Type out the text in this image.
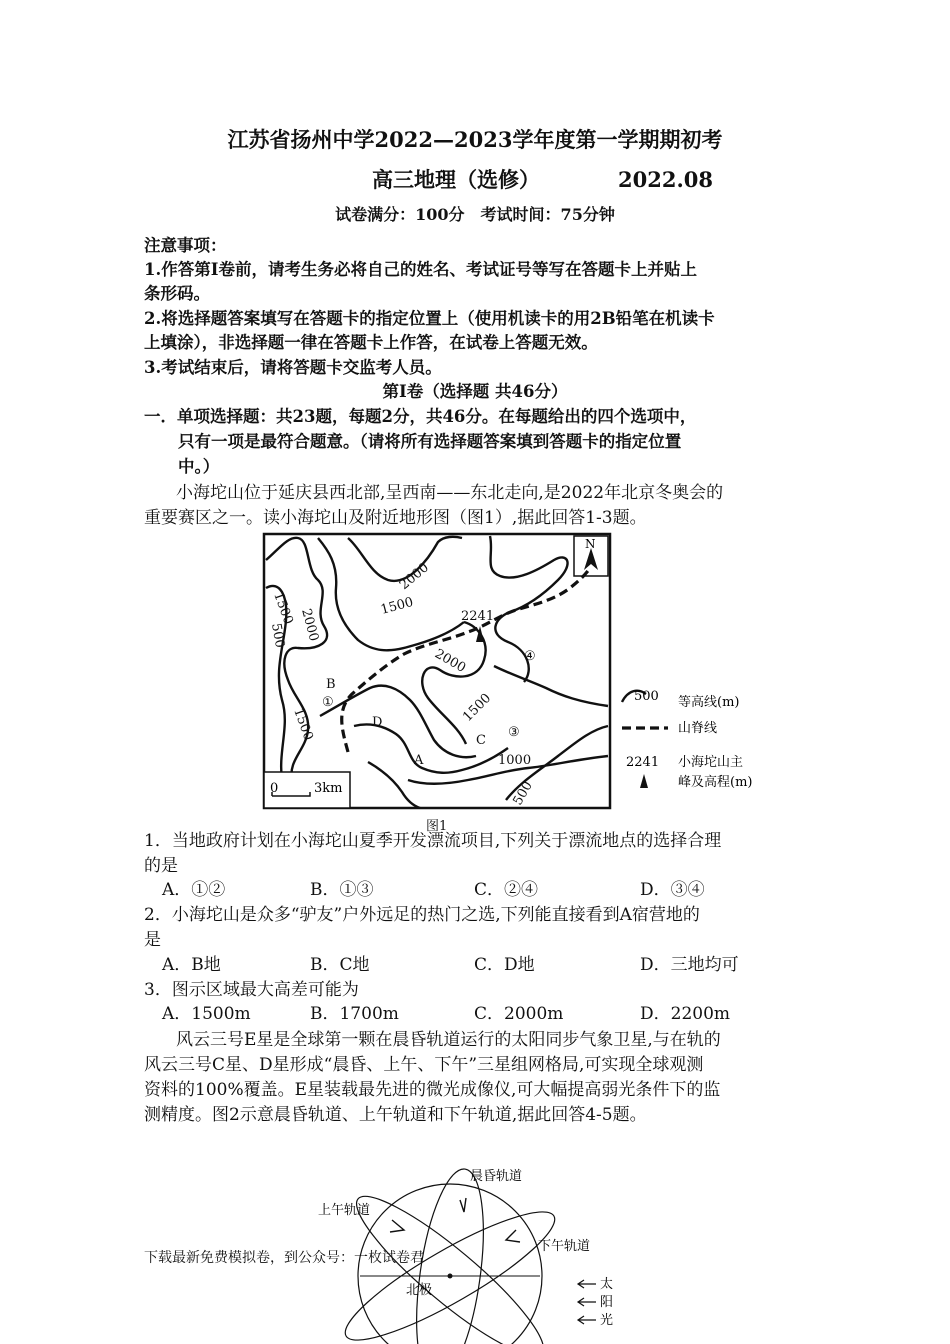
江苏省扬州中学2022—2023学年度第一学期期初考
高三地理（选修）	2022.08
试卷满分：100分　考试时间：75分钟
注意事项：
1.作答第Ⅰ卷前，请考生务必将自己的姓名、考试证号等写在答题卡上并贴上
条形码。
2.将选择题答案填写在答题卡的指定位置上（使用机读卡的用2B铅笔在机读卡
上填涂），非选择题一律在答题卡上作答，在试卷上答题无效。
3.考试结束后，请将答题卡交监考人员。
第Ⅰ卷（选择题 共46分）
一．单项选择题：共23题，每题2分，共46分。在每题给出的四个选项中，
只有一项是最符合题意。（请将所有选择题答案填到答题卡的指定位置
中。）
小海坨山位于延庆县西北部,呈西南——东北走向,是2022年北京冬奥会的
重要赛区之一。读小海坨山及附近地形图（图1）,据此回答1-3题。
N
2241
1500
2000
1500
2000
1500
1000
500
1500
2000
500
B
D
C
A
①
③
④
0	3km
500 等高线(m)
山脊线
2241 小海坨山主
峰及高程(m)
图1
1．当地政府计划在小海坨山夏季开发漂流项目,下列关于漂流地点的选择合理
的是
A．①②	B．①③	C．②④	D．③④
2．小海坨山是众多“驴友”户外远足的热门之选,下列能直接看到A宿营地的
是
A．B地	B．C地	C．D地	D．三地均可
3．图示区域最大高差可能为
A．1500m	B．1700m	C．2000m	D．2200m
风云三号E星是全球第一颗在晨昏轨道运行的太阳同步气象卫星,与在轨的
风云三号C星、D星形成“晨昏、上午、下午”三星组网格局,可实现全球观测
资料的100%覆盖。E星装载最先进的微光成像仪,可大幅提高弱光条件下的监
测精度。图2示意晨昏轨道、上午轨道和下午轨道,据此回答4-5题。
晨昏轨道
上午轨道
下午轨道
北极	太
阳
光
下载最新免费模拟卷，到公众号：一枚试卷君
